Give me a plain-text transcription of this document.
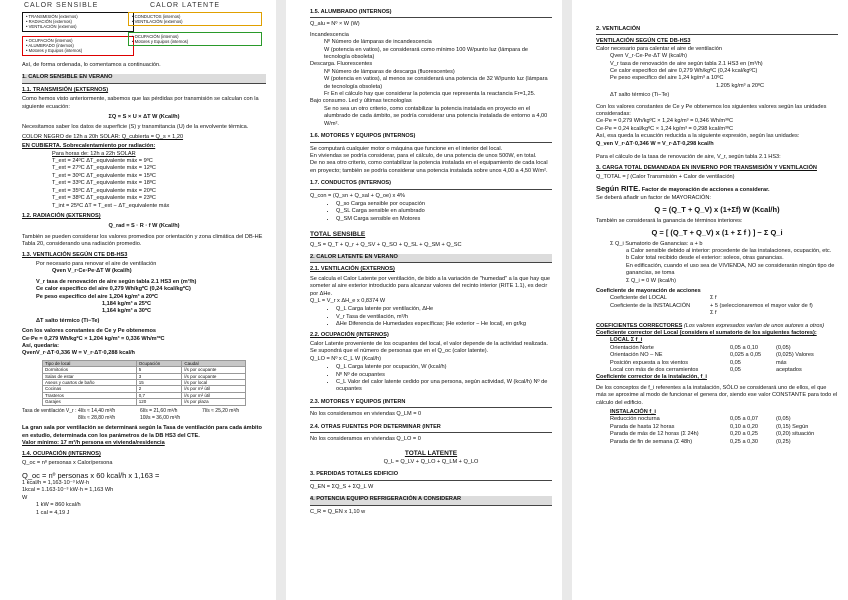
CALOR SENSIBLE	CALOR LATENTE
• TRANSMISIÓN (externos)
• RADIACIÓN (externos)
• VENTILACIÓN (externos)
• CONDUCTOS (internos)
• VENTILACIÓN (externos)
• OCUPACIÓN (internos)
• ALUMBRADO (internos)
• Motores y Equipos (internos)
• OCUPACIÓN (internos)
• Motores y Equipos (internos)
Así, de forma ordenada, lo comentamos a continuación.
1. CALOR SENSIBLE EN VERANO
1.1. TRANSMISIÓN (EXTERNOS)
Como hemos visto anteriormente, sabemos que las pérdidas por transmisión se calculan con la siguiente ecuación:
ΣQ = S × U × ΔT W (Kcal/h)
Necesitamos saber los datos de superficie (S) y transmitancia (U) de la envolvente térmica.
COLOR NEGRO de 12h a 20h SOLAR: Q_cubierta = Q_s × 1,20
EN CUBIERTA. Sobrecalentamiento por radiación:
Para horas de: 12h a 22h SOLAR
T_ext = 24ºC ΔT_equivalente máx = 9ºC
T_ext = 27ºC ΔT_equivalente máx = 12ºC
T_ext = 30ºC ΔT_equivalente máx = 15ºC
T_ext = 33ºC ΔT_equivalente máx = 18ºC
T_ext = 35ºC ΔT_equivalente máx = 20ºC
T_ext = 38ºC ΔT_equivalente máx = 23ºC
T_int = 25ºC ΔT = T_ext − ΔT_equivalente máx
1.2. RADIACIÓN (EXTERNOS)
Q_rad = S · R · f W (Kcal/h)
También se pueden considerar los valores promedios por orientación y zona climática del DB-HE Tabla 20, considerando una radiación promedio.
1.3. VENTILACIÓN SEGÚN CTE DB-HS3
Por necesario para renovar el aire de ventilación
Qven V_r·Ce·Pe·ΔT W (kcal/h)
V_r tasa de renovación de aire según tabla 2.1 HS3 en (m³/h)
Ce calor especifico del aire 0,279 Wh/kgºC (0,24 kcal/kgºC)
Pe peso especifico del aire 1,204 kg/m³ a 20ºC
1,184 kg/m³ a 25ºC
1,164 kg/m³ a 30ºC
ΔT salto térmico (Ti−Te)
Con los valores constantes de Ce y Pe obtenemos
Ce·Pe = 0,279 Wh/kgºC × 1,204 kg/m³ = 0,336 Wh/m³ºC
Así, quedaría:
QvenV_r·ΔT·0,336 W = V_r·ΔT·0,288 kcal/h
Tipo de local	Ocupación	Caudal
Dormitorios	5	l/s por ocupante
Salas de estar	3	l/s por ocupante
Aseos y cuartos de baño	15	l/s por local
Cocinas	2	l/s por m² útil
Trasteros	0,7	l/s por m² útil
Garajes	120	l/s por plaza
Tasa de ventilación V_r : 4l/s ≈ 14,40 m³/h	6l/s = 21,60 m³/h	7l/s ≈ 25,20 m³/h
8l/s ≈ 28,80 m³/h	10l/s = 36,00 m³/h
La gran sala por ventilación se determinará según la Tasa de ventilación para cada ámbito en estudio, determinada con los parámetros de la DB HS3 del CTE.
Valor mínimo: 17 m³/h persona en vivienda/residencia
1.4. OCUPACIÓN (INTERNOS)
Q_oc = nº personas x Calor/persona
Q_oc = nº personas x 60 kcal/h x 1,163 =
1 kcal/h = 1,163·10⁻³ kW·h
1kcal = 1.163·10⁻³ kW·h = 1,163 Wh
W
1 kW = 860 kcal/h
1 cal = 4,19 J
1.5. ALUMBRADO (INTERNOS)
Q_alu = Nº × W (W)
Incandescencia
Nº Número de lámparas de incandescencia
W (potencia en vatios), se considerará como mínimo 100 W/punto luz (lámpara de tecnología obsoleta)
Descarga. Fluorescentes
Nº Número de lámparas de descarga (fluorescentes)
W (potencia en vatios), al menos se considerará una potencia de 32 W/punto luz (lámpara de tecnología obsoleta)
Fr En el cálculo hay que considerar la potencia que representa la reactancia Fr=1,25.
Bajo consumo. Led y últimas tecnologías
Se no sea un otro criterio, como contabilizar la potencia instalada en proyecto en el alumbrado de cada ámbito, se podría considerar una potencia instalada de entorno a 4,00 W/m².
1.6. MOTORES Y EQUIPOS (INTERNOS)
Se computará cualquier motor o máquina que funcione en el interior del local.
En viviendas se podría considerar, para el cálculo, de una potencia de unos 500W, en total.
De no sea otro criterio, como contabilizar la potencia instalada en el equipamiento de cada local en proyecto; también se podría considerar una potencia instalada sobre unos 4,00 a 4,50 W/m².
1.7. CONDUCTOS (INTERNOS)
Q_con = (Q_sn + Q_sal + Q_oe) x 4%
• Q_so Carga sensible por ocupación
• Q_SL Carga sensible en alumbrado
• Q_SM Carga sensible en Motores
TOTAL SENSIBLE
Q_S = Q_T + Q_r + Q_SV + Q_SO + Q_SL + Q_SM + Q_SC
2. CALOR LATENTE EN VERANO
2.1. VENTILACIÓN (EXTERNOS)
Se calcula el Calor Latente por ventilación, de bido a la variación de "humedad" a la que hay que someter al aire exterior introducido para alcanzar valores del recinto interior (RITE 1.1), es decir por ΔHe.
Q_L = V_r x ΔH_e x 0,8374 W
• Q_L Carga latente por ventilación, ΔHe
• V_r Tasa de ventilación, m³/h
• ΔHe Diferencia de Humedades específicas; |He exterior − He local|, en gr/kg
2.2. OCUPACIÓN (INTERNOS)
Calor Latente proveniente de los ocupantes del local, el valor depende de la actividad realizada. Se supondrá que el número de personas que en el Q_oc (calor latente).
Q_LO = Nº x C_L W (Kcal/h)
• Q_L Carga latente por ocupación, W (kcal/h)
• Nº Nº de ocupantes
• C_L Valor del calor latente cedido por una persona, según actividad, W (kcal/h) Nº de ocupantes
2.3. MOTORES Y EQUIPOS (INTERN
No los consideramos en viviendas Q_LM = 0
2.4. OTRAS FUENTES POR DETERMINAR (INTER
No los consideramos en viviendas Q_LO = 0
TOTAL LATENTE
Q_L = Q_LV + Q_LO + Q_LM + Q_LO
3. PERDIDAS TOTALES EDIFICIO
Q_EN = ΣQ_S + ΣQ_L W
4. POTENCIA EQUIPO REFRIGERACIÓN A CONSIDERAR
C_R = Q_EN x 1,10 w
2. VENTILACIÓN
VENTILACIÓN SEGÚN CTE DB-HS3
Calor necesario para calentar el aire de ventilación
Qven V_r·Ce·Pe·ΔT W (kcal/h)
V_r tasa de renovación de aire según tabla 2.1 HS3 en (m³/h)
Ce calor especifico del aire 0,279 Wh/kgºC (0,24 kcal/kgºC)
Pe peso especifico del aire 1,24 kg/m³ a 10ºC
1.205 kg/m³ a 20ºC
ΔT salto térmico (Ti−Te)
Con los valores constantes de Ce y Pe obtenemos los siguientes valores según las unidades consideradas:
Ce·Pe = 0,279 Wh/kgºC × 1,24 kg/m³ = 0,346 Wh/m³ºC
Ce·Pe = 0,24 kcal/kgºC × 1,24 kg/m³ = 0,298 kcal/m³ºC
Así, esa queda la ecuación reducida a la siguiente expresión, según las unidades:
Q_ven V_r·ΔT·0,346 W = V_r·ΔT·0,298 kcal/h
Para el cálculo de la tasa de renovación de aire, V_r, según tabla 2.1 HS3:
3. CARGA TOTAL DEMANDADA EN INVIERNO POR TRANSMISIÓN Y VENTILACIÓN
Q_TOTAL = ∫ (Calor Transmisión + Calor de ventilación)
Según RITE. Factor de mayoración de acciones a considerar.
Se deberá añadir un factor de MAYORACIÓN:
Q = (Q_T + Q_V) x (1+Σf) W (Kcal/h)
También se considerará la ganancia de términos interiores:
Q = [ (Q_T + Q_V) x (1 + Σ f ) ] − Σ Q_i
Σ Q_i Sumatorio de Ganancias: a + b
a Calor sensible debido al interior: procedente de las instalaciones, ocupación, etc.
b Calor total recibido desde el exterior: soleos, otras ganancias.
En edificación, cuando el uso sea de VIVIENDA, NO se considerarán ningún tipo de ganancias, se toma
Σ Q_i = 0 W (kcal/h)
Coeficiente de mayoración de acciones
Coeficiente del LOCAL	Σ f
Coeficiente de la INSTALACIÓN	+ 5 (seleccionaremos el mayor valor de f)
Σ f
COEFICIENTES CORRECTORES (Los valores expresados varían de unos autores a otros)
Coeficiente corrector del Local (considera el sumatorio de los siguientes factores):
LOCAL Σ f_i
Orientación Norte	0,05 a 0,10	(0,05)
Orientación NO – NE	0,025 a 0,05	(0,025) Valores
Posición expuesta a los vientos	0,05	más
Local con más de dos cerramientos	0,05	aceptados
Coeficiente corrector de la instalación, f_i
De los conceptos de f_i referentes a la instalación, SÓLO se considerará uno de ellos, el que más se aproxime al modo de funcionar el genera dor, siendo ese valor CONSTANTE para todo el cálculo del edificio.
INSTALACIÓN f_i
Reducción nocturna	0,05 a 0,07	(0,05)
Parada de hasta 12 horas	0,10 a 0,20	(0,15) Según
Parada de más de 12 horas (Σ 24h)	0,20 a 0,25	(0,20) situación
Parada de fin de semana (Σ 48h)	0,25 a 0,30	(0,25)
